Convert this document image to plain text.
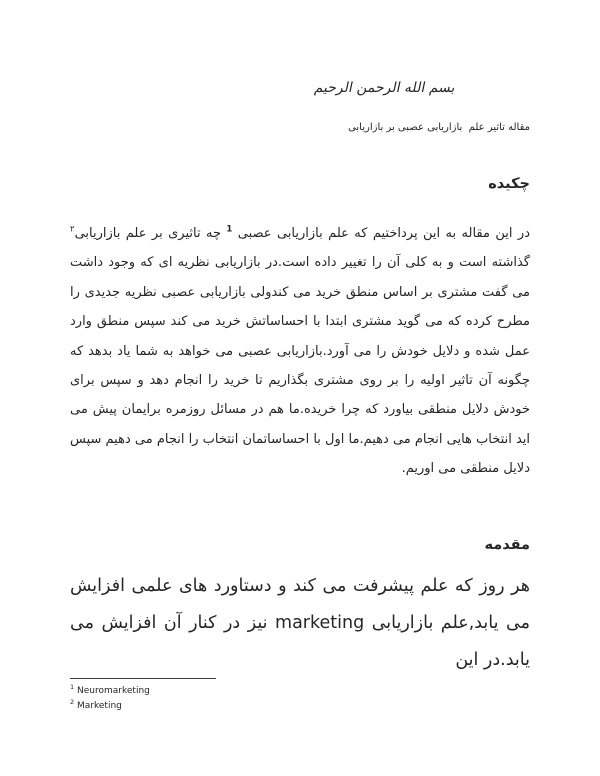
بسم الله الرحمن الرحیم
مقاله تاثیر علم  بازاریابی عصبی بر بازاریابی
چکیده

در این مقاله به این پرداختیم که علم بازاریابی عصبی $^1$ چه تاثیری بر علم بازاریابی$^۲$ گذاشته است و به کلی آن را تغییر داده است.در بازاریابی نظریه ای که وجود داشت می گفت مشتری بر اساس منطق خرید می کندولی بازاریابی عصبی نظریه جدیدی را مطرح کرده که می گوید مشتری ابتدا با احساساتش خرید می کند سپس منطق وارد عمل شده و دلایل خودش را می آورد.بازاریابی عصبی می خواهد به شما یاد بدهد که چگونه آن تاثیر اولیه را بر روی مشتری بگذاریم تا خرید را انجام دهد و سپس برای خودش دلایل منطقی بیاورد که چرا خریده.ما هم در مسائل روزمره برایمان پیش می اید انتخاب هایی انجام می دهیم.ما اول با احساساتمان انتخاب را انجام می دهیم سپس دلایل منطقی می اوریم.

مقدمه

هر روز که علم پیشرفت می کند و دستاورد های علمی افزایش می یابد,علم بازاریابی marketing نیز در کنار آن افزایش می یابد.در این

$^1$ Neuromarketing
$^2$ Marketing
